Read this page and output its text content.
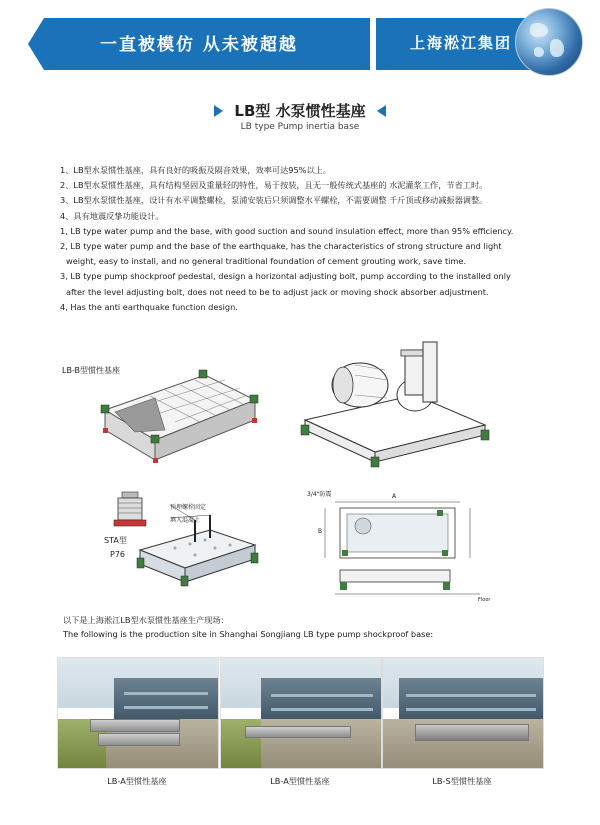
一直被模仿 从未被超越	上海淞江集团
LB型 水泵惯性基座
LB type Pump inertia base
1、LB型水泵惯性基座，具有良好的吸振及隔音效果，效率可达95%以上。
2、LB型水泵惯性基座，具有结构坚固及重量轻的特性，易于按装，且无一般传统式基座的 水泥灌浆工作，节省工时。
3、LB型水泵惯性基座，设计有水平调整螺栓，泵浦安装后只须调整水平螺栓，不需要调整 千斤顶或移动减振器调整。
4、具有地震反挚功能设计。
1, LB type water pump and the base, with good suction and sound insulation effect, more than 95% efficiency.
2, LB type water pump and the base of the earthquake, has the characteristics of strong structure and light
weight, easy to install, and no general traditional foundation of cement grouting work, save time.
3, LB type pump shockproof pedestal, design a horizontal adjusting bolt, pump according to the installed only
after the level adjusting bolt, does not need to be to adjust jack or moving shock absorber adjustment.
4, Has the anti earthquake function design.
LB-B型惯性基座
STA型
P76
预埋螺栓固定
填入混凝土
3/4"防震	A
B
Floor
以下是上海淞江LB型水泵惯性基座生产现场：
The following is the production site in Shanghai Songjiang LB type pump shockproof base:
LB-A型惯性基座	LB-A型惯性基座	LB-S型惯性基座
